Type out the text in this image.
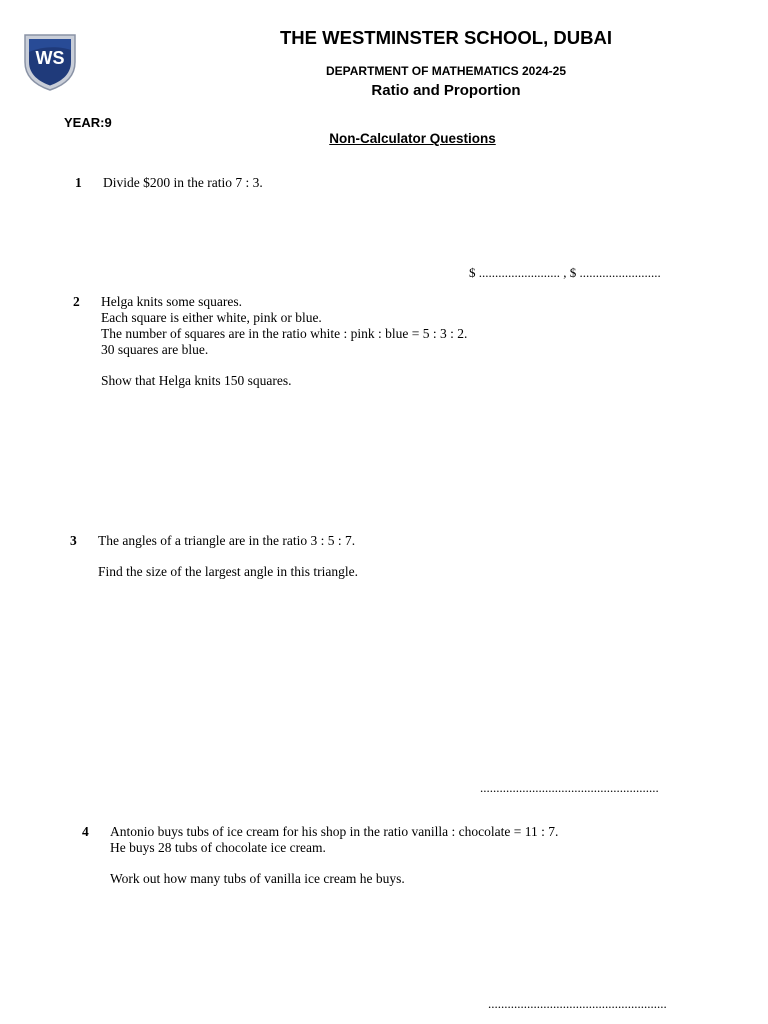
WS
THE WESTMINSTER SCHOOL, DUBAI
DEPARTMENT OF MATHEMATICS 2024-25
Ratio and Proportion
YEAR:9
Non-Calculator Questions
1 Divide $200 in the ratio 7 : 3.
$ ......................... , $ .........................
2 Helga knits some squares.
Each square is either white, pink or blue.
The number of squares are in the ratio white : pink : blue = 5 : 3 : 2.
30 squares are blue.
Show that Helga knits 150 squares.
3 The angles of a triangle are in the ratio 3 : 5 : 7.
Find the size of the largest angle in this triangle.
.......................................................
4 Antonio buys tubs of ice cream for his shop in the ratio vanilla : chocolate = 11 : 7.
He buys 28 tubs of chocolate ice cream.
Work out how many tubs of vanilla ice cream he buys.
.......................................................
